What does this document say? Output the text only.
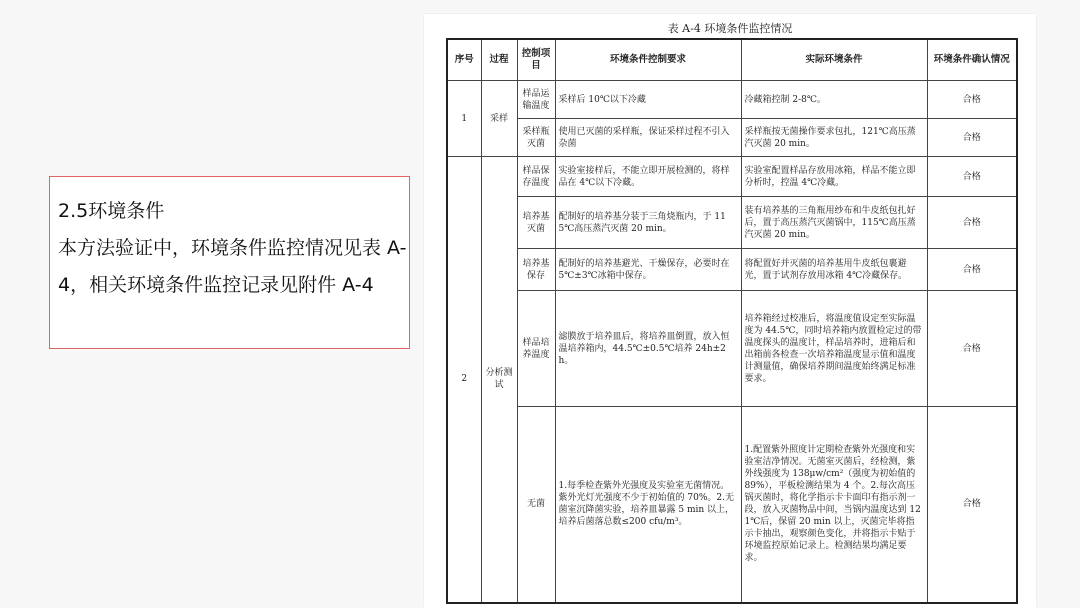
2.5环境条件

本方法验证中，环境条件监控情况见表 A-4，相关环境条件监控记录见附件 A-4

表 A-4 环境条件监控情况
序号	过程	控制项目	环境条件控制要求	实际环境条件	环境条件确认情况
1	采样	样品运输温度	采样后 10℃以下冷藏	冷藏箱控制 2-8℃。	合格
		采样瓶灭菌	使用已灭菌的采样瓶，保证采样过程不引入杂菌	采样瓶按无菌操作要求包扎，121℃高压蒸汽灭菌 20 min。	合格
2	分析测试	样品保存温度	实验室接样后，不能立即开展检测的，将样品在 4℃以下冷藏。	实验室配置样品存放用冰箱，样品不能立即分析时，控温 4℃冷藏。	合格
		培养基灭菌	配制好的培养基分装于三角烧瓶内，于 115℃高压蒸汽灭菌 20 min。	装有培养基的三角瓶用纱布和牛皮纸包扎好后，置于高压蒸汽灭菌锅中，115℃高压蒸汽灭菌 20 min。	合格
		培养基保存	配制好的培养基避光、干燥保存，必要时在 5℃±3℃冰箱中保存。	将配置好并灭菌的培养基用牛皮纸包裹避光，置于试剂存放用冰箱 4℃冷藏保存。	合格
		样品培养温度	滤膜放于培养皿后，将培养皿倒置，放入恒温培养箱内，44.5℃±0.5℃培养 24h±2h。	培养箱经过校准后，将温度值设定至实际温度为 44.5℃，同时培养箱内放置检定过的带温度探头的温度计，样品培养时，进箱后和出箱前各检查一次培养箱温度显示值和温度计测量值，确保培养期间温度始终满足标准要求。	合格
		无菌	1.每季检查紫外光强度及实验室无菌情况。紫外光灯光强度不少于初始值的 70%。2.无菌室沉降菌实验，培养皿暴露 5 min 以上，培养后菌落总数≤200 cfu/m³。	1.配置紫外照度计定期检查紫外光强度和实验室洁净情况。无菌室灭菌后，经检测，紫外线强度为 138μw/cm²（强度为初始值的 89%），平板检测结果为 4 个。2.每次高压锅灭菌时，将化学指示卡卡面印有指示剂一段，放入灭菌物品中间，当锅内温度达到 121℃后，保留 20 min 以上，灭菌完毕将指示卡抽出，观察颜色变化，并将指示卡贴于环境监控原始记录上。检测结果均满足要求。	合格
